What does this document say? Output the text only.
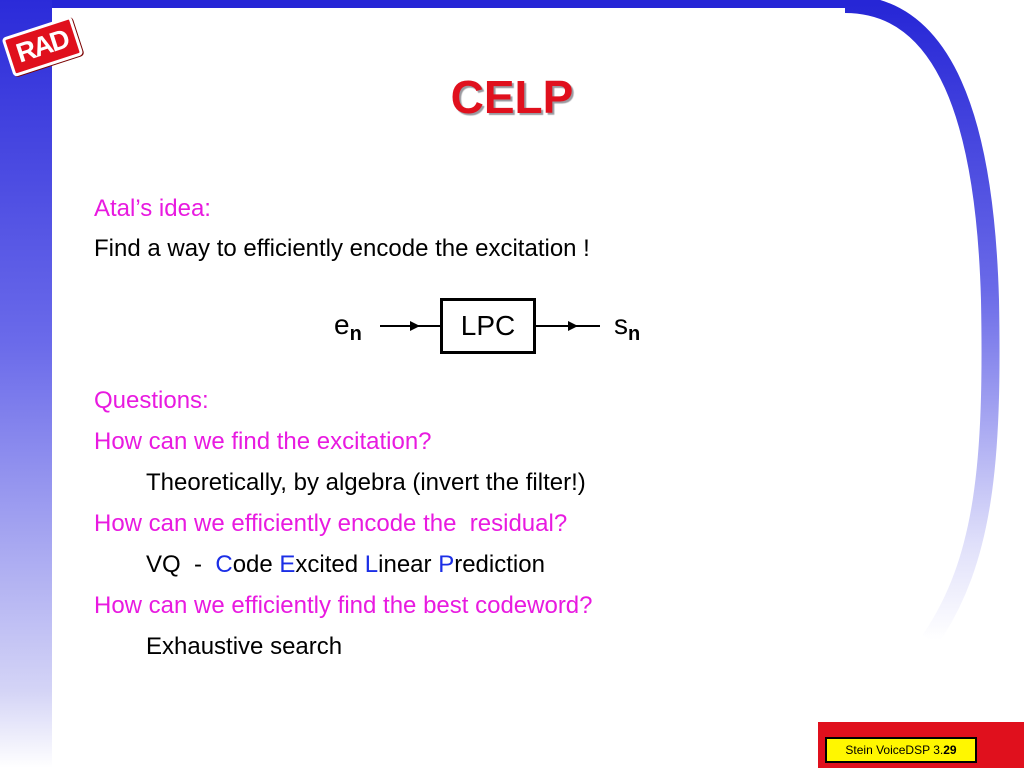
RAD
CELP
Atal’s idea:
Find a way to efficiently encode the excitation !
$e_n$	LPC	$s_n$
Questions:
How can we find the excitation?
Theoretically, by algebra (invert the filter!)
How can we efficiently encode the  residual?
VQ  -  Code Excited Linear Prediction
How can we efficiently find the best codeword?
Exhaustive search
Stein VoiceDSP 3. 29
